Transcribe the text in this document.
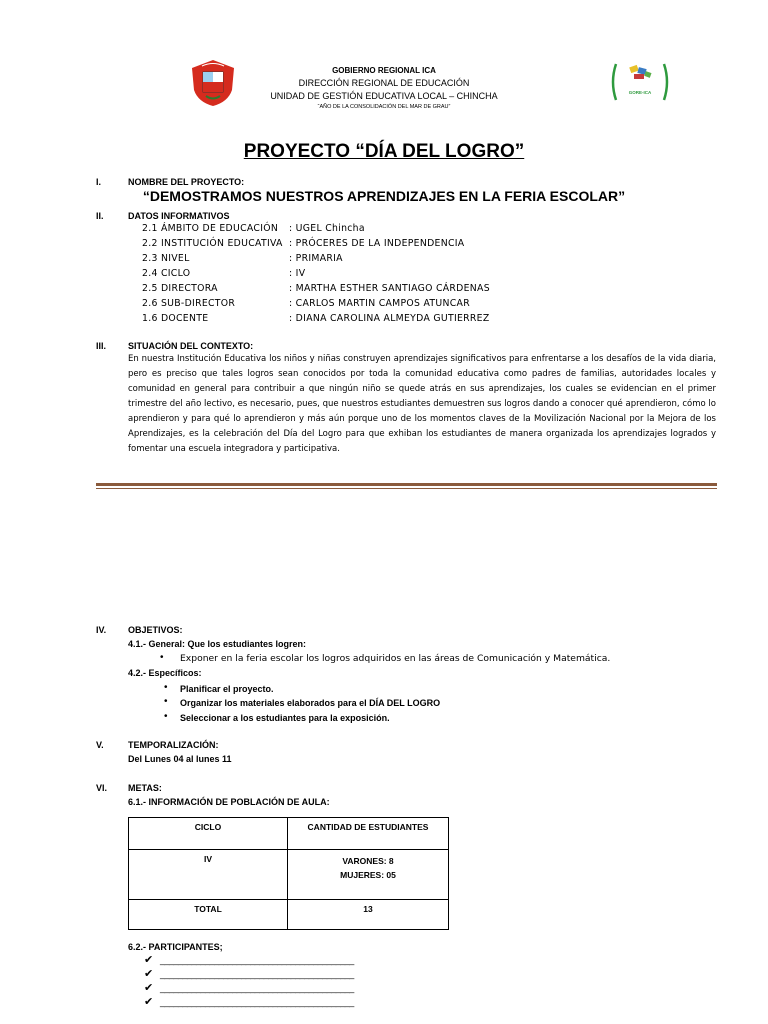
GOBIERNO REGIONAL ICA
DIRECCIÓN REGIONAL DE EDUCACIÓN
UNIDAD DE GESTIÓN EDUCATIVA LOCAL – CHINCHA
“AÑO DE LA CONSOLIDACIÓN DEL MAR DE GRAU”
GORE-ICA
PROYECTO “DÍA DEL LOGRO”
I.	NOMBRE DEL PROYECTO:
“DEMOSTRAMOS NUESTROS APRENDIZAJES EN LA FERIA ESCOLAR”
II.	DATOS INFORMATIVOS
2.1 ÁMBITO DE EDUCACIÓN : UGEL Chincha
2.2 INSTITUCIÓN EDUCATIVA : PRÓCERES DE LA INDEPENDENCIA
2.3 NIVEL	: PRIMARIA
2.4 CICLO	: IV
2.5 DIRECTORA	: MARTHA ESTHER SANTIAGO CÁRDENAS
2.6 SUB-DIRECTOR	: CARLOS MARTIN CAMPOS ATUNCAR
1.6 DOCENTE	: DIANA CAROLINA ALMEYDA GUTIERREZ
III. SITUACIÓN DEL CONTEXTO:
En nuestra Institución Educativa los niños y niñas construyen aprendizajes significativos para enfrentarse a los desafíos de la vida diaria, pero es preciso que tales logros sean conocidos por toda la comunidad educativa como padres de familias, autoridades locales y comunidad en general para contribuir a que ningún niño se quede atrás en sus aprendizajes, los cuales se evidencian en el primer trimestre del año lectivo, es necesario, pues, que nuestros estudiantes demuestren sus logros dando a conocer qué aprendieron, cómo lo aprendieron y para qué lo aprendieron y más aún porque uno de los momentos claves de la Movilización Nacional por la Mejora de los Aprendizajes, es la celebración del Día del Logro para que exhiban los estudiantes de manera organizada los aprendizajes logrados y fomentar una escuela integradora y participativa.
IV. OBJETIVOS:
4.1.- General: Que los estudiantes logren:
• Exponer en la feria escolar los logros adquiridos en las áreas de Comunicación y Matemática.
4.2.- Específicos:
• Planificar el proyecto.
• Organizar los materiales elaborados para el DÍA DEL LOGRO
• Seleccionar a los estudiantes para la exposición.
V.	TEMPORALIZACIÓN:
Del Lunes 04 al lunes 11
VI. METAS:
6.1.- INFORMACIÓN DE POBLACIÓN DE AULA:
CICLO	CANTIDAD DE ESTUDIANTES
IV	VARONES: 8
MUJERES: 05

TOTAL	13
6.2.- PARTICIPANTES;
✔ ___________________________________________
✔ ___________________________________________
✔ ___________________________________________
✔ ___________________________________________
